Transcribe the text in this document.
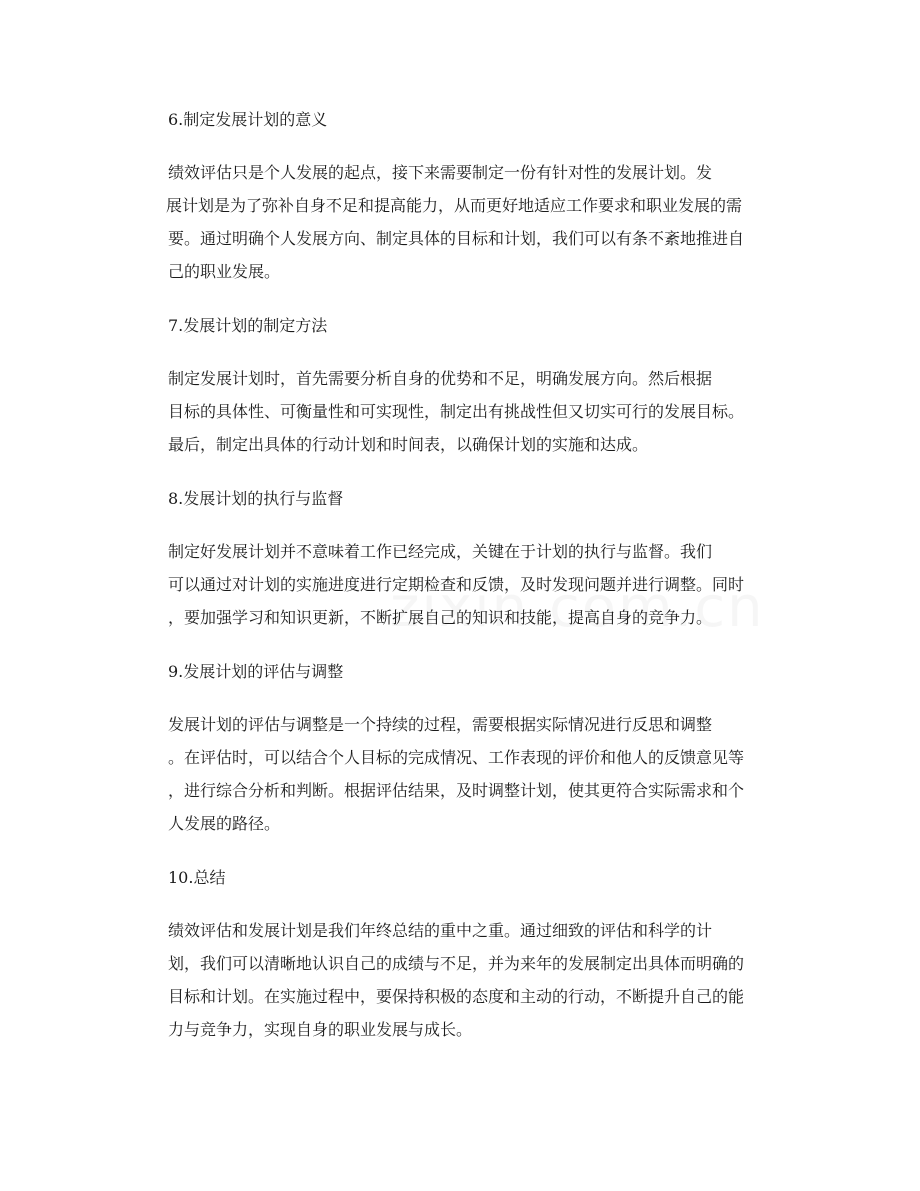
6.制定发展计划的意义

绩效评估只是个人发展的起点，接下来需要制定一份有针对性的发展计划。发
展计划是为了弥补自身不足和提高能力，从而更好地适应工作要求和职业发展的需
要。通过明确个人发展方向、制定具体的目标和计划，我们可以有条不紊地推进自
己的职业发展。

7.发展计划的制定方法

制定发展计划时，首先需要分析自身的优势和不足，明确发展方向。然后根据
目标的具体性、可衡量性和可实现性，制定出有挑战性但又切实可行的发展目标。
最后，制定出具体的行动计划和时间表，以确保计划的实施和达成。

8.发展计划的执行与监督

制定好发展计划并不意味着工作已经完成，关键在于计划的执行与监督。我们
可以通过对计划的实施进度进行定期检查和反馈，及时发现问题并进行调整。同时
，要加强学习和知识更新，不断扩展自己的知识和技能，提高自身的竞争力。

9.发展计划的评估与调整

发展计划的评估与调整是一个持续的过程，需要根据实际情况进行反思和调整
。在评估时，可以结合个人目标的完成情况、工作表现的评价和他人的反馈意见等
，进行综合分析和判断。根据评估结果，及时调整计划，使其更符合实际需求和个
人发展的路径。

10.总结

绩效评估和发展计划是我们年终总结的重中之重。通过细致的评估和科学的计
划，我们可以清晰地认识自己的成绩与不足，并为来年的发展制定出具体而明确的
目标和计划。在实施过程中，要保持积极的态度和主动的行动，不断提升自己的能
力与竞争力，实现自身的职业发展与成长。
